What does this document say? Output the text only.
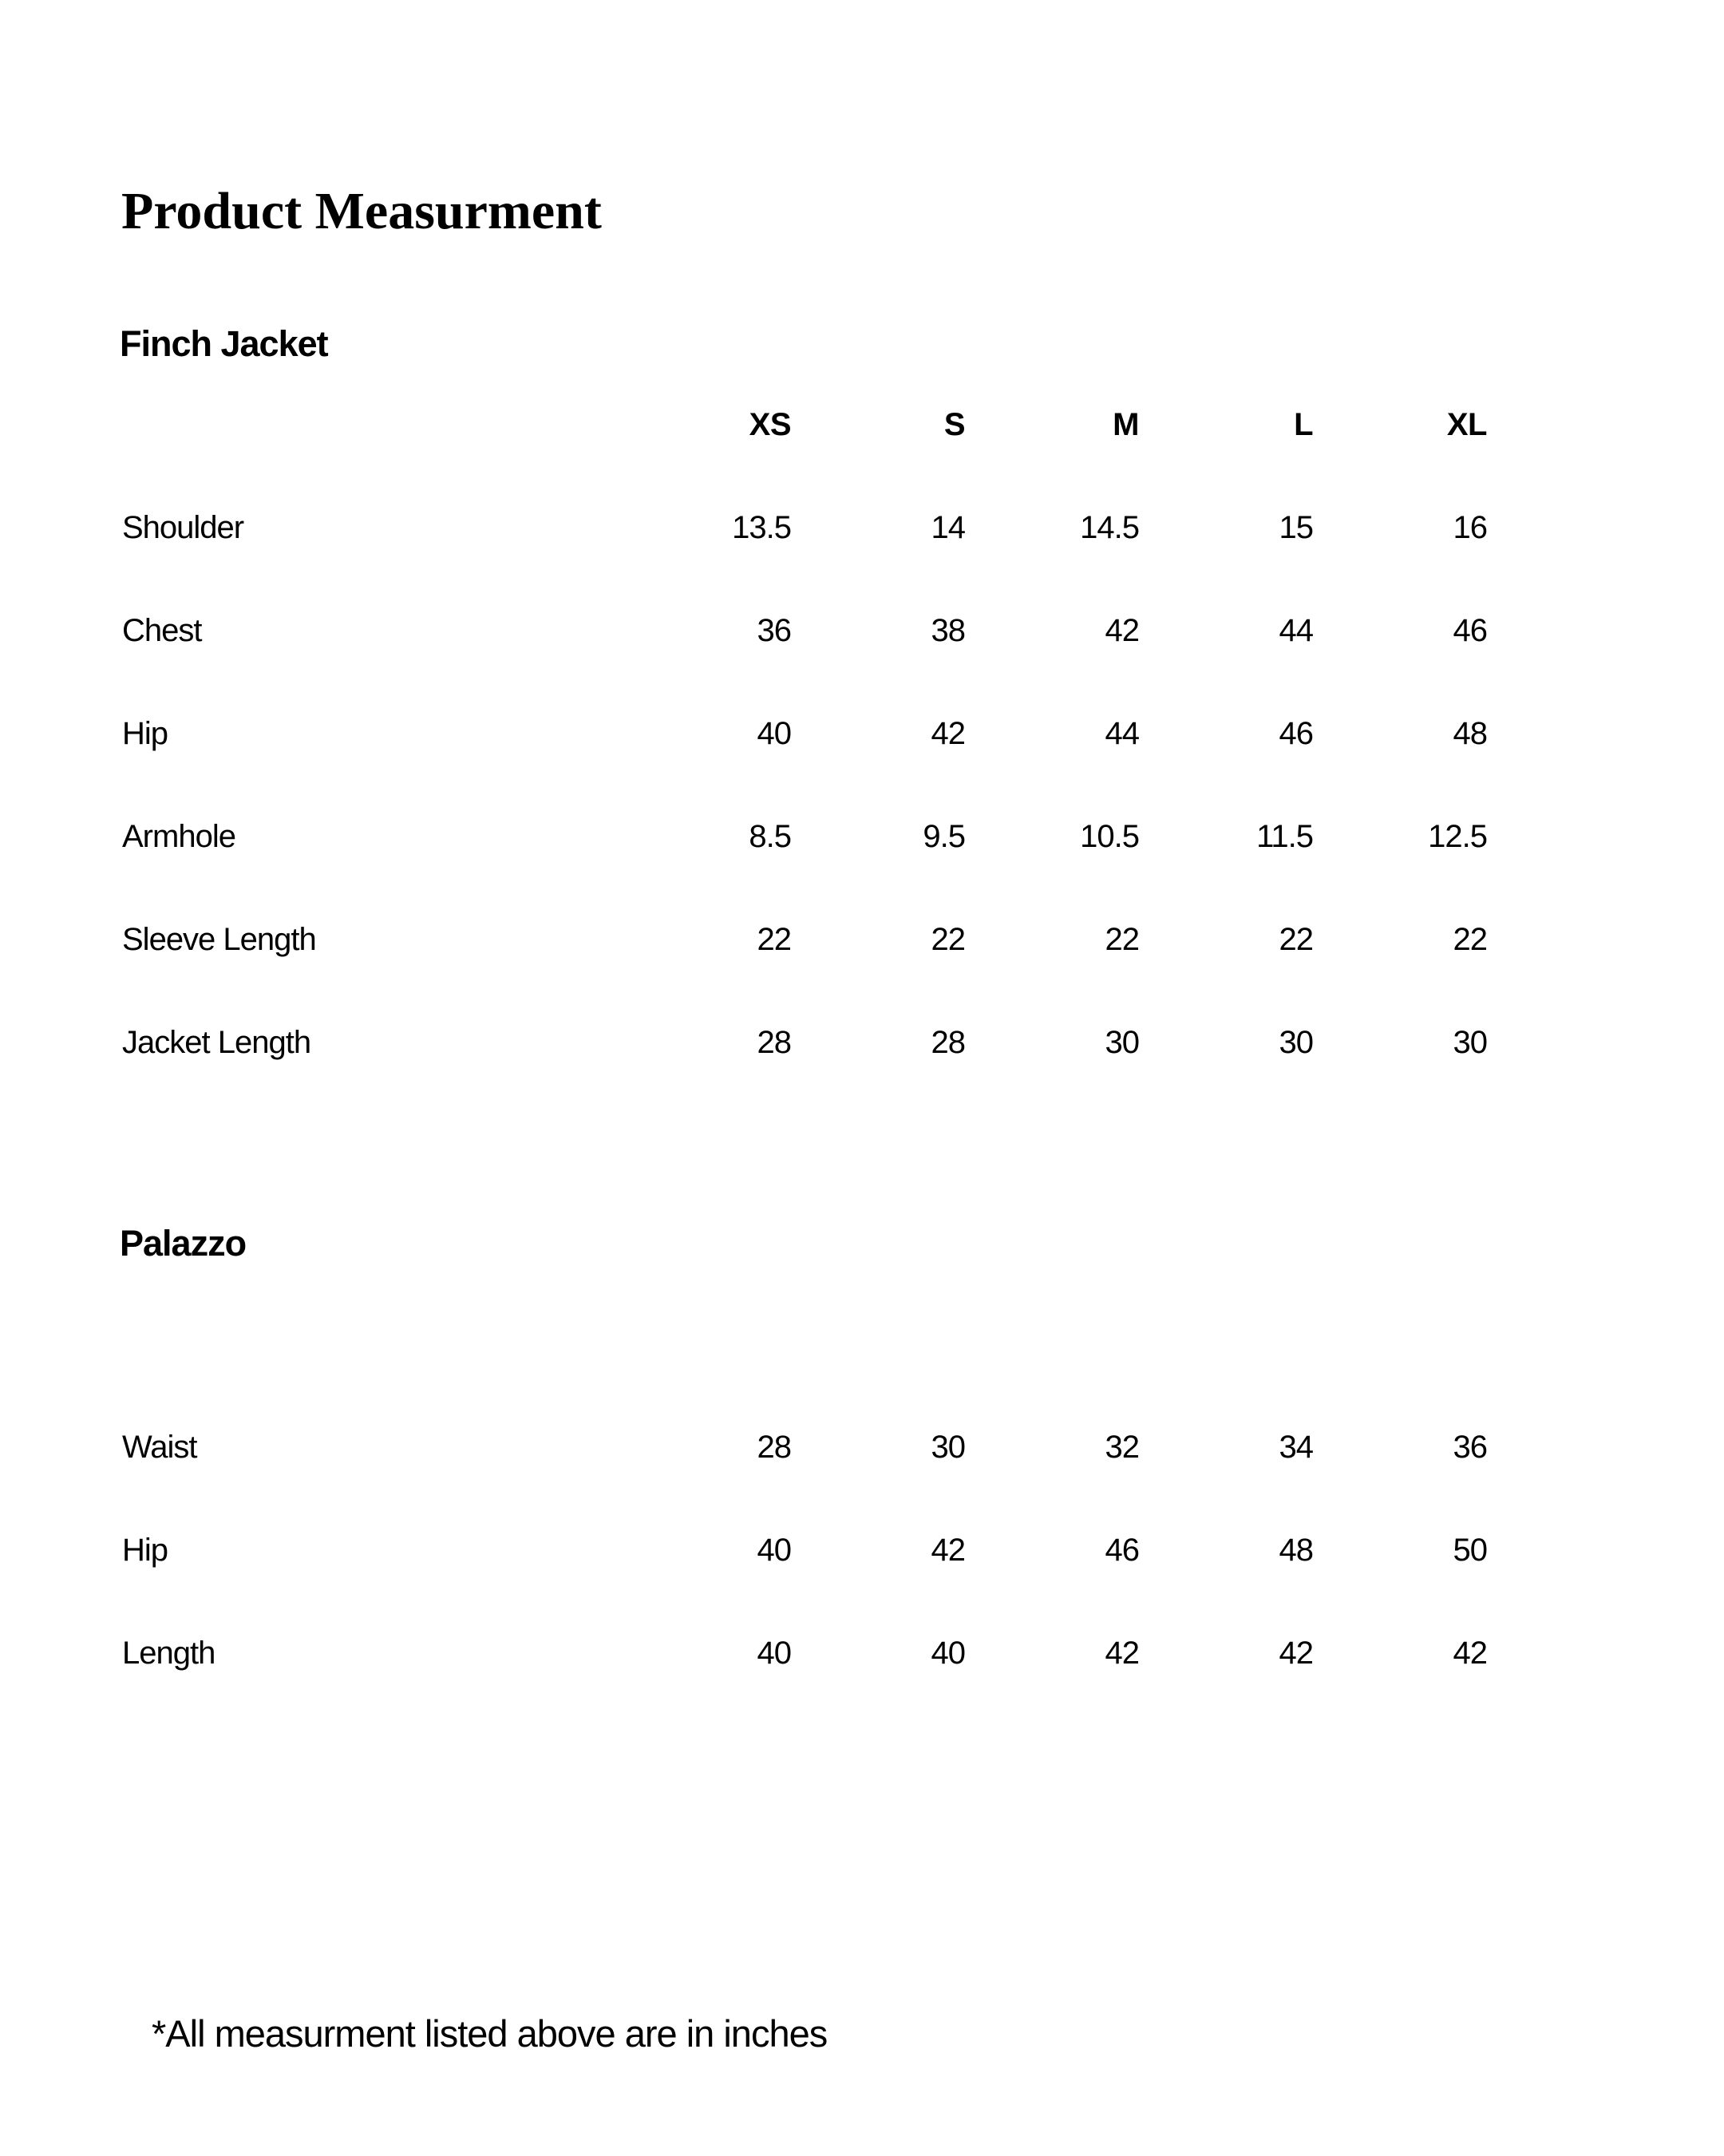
Product Measurment
Finch Jacket
XS	S	M	L	XL
Shoulder	13.5	14	14.5	15	16
Chest	36	38	42	44	46
Hip	40	42	44	46	48
Armhole	8.5	9.5	10.5	11.5	12.5
Sleeve Length	22	22	22	22	22
Jacket Length	28	28	30	30	30
Palazzo
Waist	28	30	32	34	36
Hip	40	42	46	48	50
Length	40	40	42	42	42

*All measurment listed above are in inches
